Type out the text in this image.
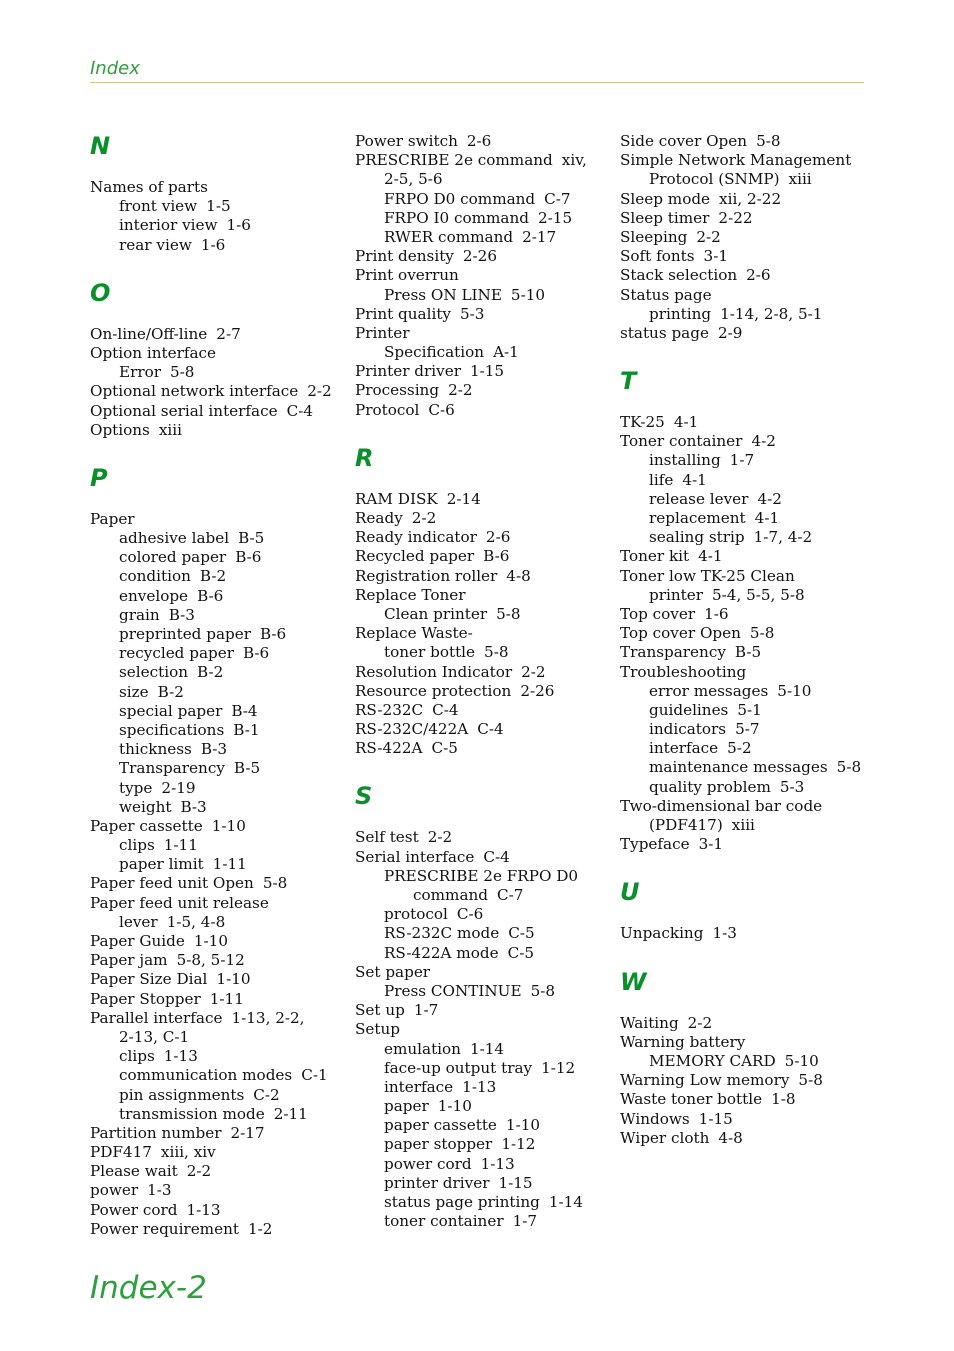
Index
N
Names of parts
front view 1-5
interior view 1-6
rear view 1-6
O
On-line/Off-line 2-7
Option interface
Error 5-8
Optional network interface 2-2
Optional serial interface C-4
Options xiii
P
Paper
adhesive label B-5
colored paper B-6
condition B-2
envelope B-6
grain B-3
preprinted paper B-6
recycled paper B-6
selection B-2
size B-2
special paper B-4
specifications B-1
thickness B-3
Transparency B-5
type 2-19
weight B-3
Paper cassette 1-10
clips 1-11
paper limit 1-11
Paper feed unit Open 5-8
Paper feed unit release
lever 1-5, 4-8
Paper Guide 1-10
Paper jam 5-8, 5-12
Paper Size Dial 1-10
Paper Stopper 1-11
Parallel interface 1-13, 2-2,
2-13, C-1
clips 1-13
communication modes C-1
pin assignments C-2
transmission mode 2-11
Partition number 2-17
PDF417 xiii, xiv
Please wait 2-2
power 1-3
Power cord 1-13
Power requirement 1-2
Power switch 2-6
PRESCRIBE 2e command xiv,
2-5, 5-6
FRPO D0 command C-7
FRPO I0 command 2-15
RWER command 2-17
Print density 2-26
Print overrun
Press ON LINE 5-10
Print quality 5-3
Printer
Specification A-1
Printer driver 1-15
Processing 2-2
Protocol C-6
R
RAM DISK 2-14
Ready 2-2
Ready indicator 2-6
Recycled paper B-6
Registration roller 4-8
Replace Toner
Clean printer 5-8
Replace Waste-
toner bottle 5-8
Resolution Indicator 2-2
Resource protection 2-26
RS-232C C-4
RS-232C/422A C-4
RS-422A C-5
S
Self test 2-2
Serial interface C-4
PRESCRIBE 2e FRPO D0
command C-7
protocol C-6
RS-232C mode C-5
RS-422A mode C-5
Set paper
Press CONTINUE 5-8
Set up 1-7
Setup
emulation 1-14
face-up output tray 1-12
interface 1-13
paper 1-10
paper cassette 1-10
paper stopper 1-12
power cord 1-13
printer driver 1-15
status page printing 1-14
toner container 1-7
Side cover Open 5-8
Simple Network Management
Protocol (SNMP) xiii
Sleep mode xii, 2-22
Sleep timer 2-22
Sleeping 2-2
Soft fonts 3-1
Stack selection 2-6
Status page
printing 1-14, 2-8, 5-1
status page 2-9
T
TK-25 4-1
Toner container 4-2
installing 1-7
life 4-1
release lever 4-2
replacement 4-1
sealing strip 1-7, 4-2
Toner kit 4-1
Toner low TK-25 Clean
printer 5-4, 5-5, 5-8
Top cover 1-6
Top cover Open 5-8
Transparency B-5
Troubleshooting
error messages 5-10
guidelines 5-1
indicators 5-7
interface 5-2
maintenance messages 5-8
quality problem 5-3
Two-dimensional bar code
(PDF417) xiii
Typeface 3-1
U
Unpacking 1-3
W
Waiting 2-2
Warning battery
MEMORY CARD 5-10
Warning Low memory 5-8
Waste toner bottle 1-8
Windows 1-15
Wiper cloth 4-8
Index-2
